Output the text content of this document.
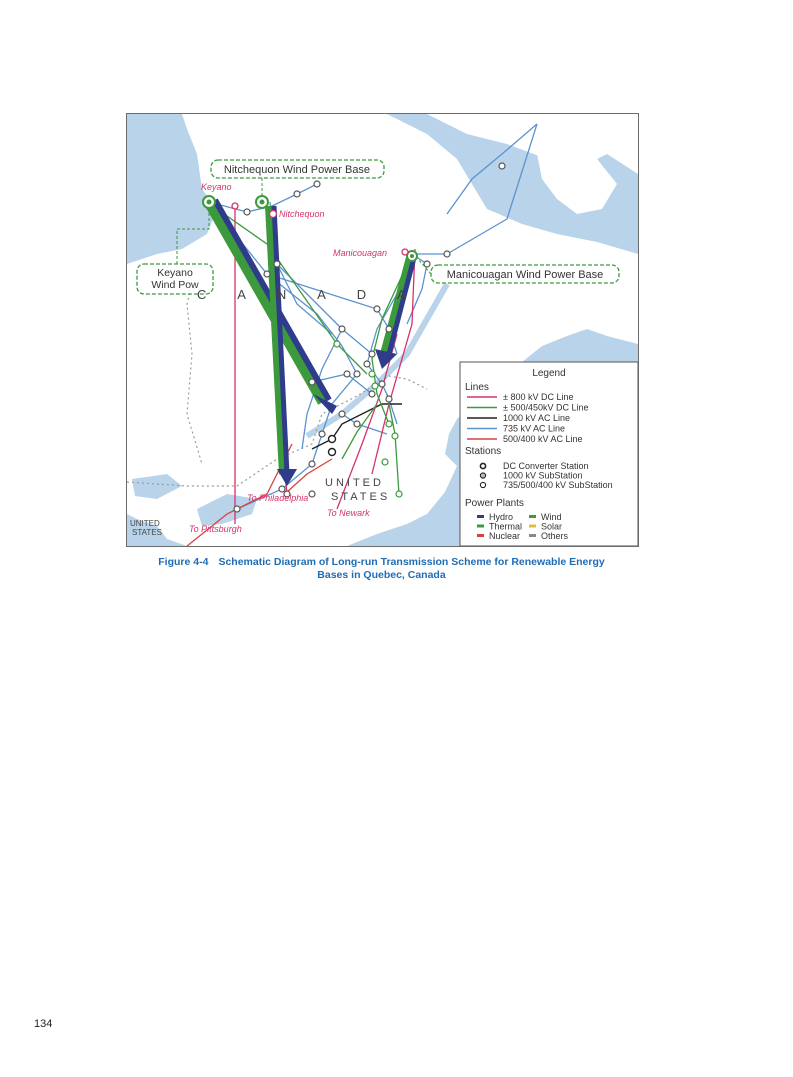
Nitchequon Wind Power Base
Keyano
Wind Pow
Manicouagan Wind Power Base
Keyano
Nitchequon
Manicouagan
To Philadelphia
To Newark
To Pittsburgh
C A N A D A
UNITED
STATES
UNITED
STATES
Legend
Lines
± 800 kV DC Line
± 500/450kV DC Line
1000 kV AC Line
735 kV AC Line
500/400 kV AC Line
Stations
DC Converter Station
1000 kV SubStation
735/500/400 kV SubStation
Power Plants
Hydro	Wind
Thermal Solar
Nuclear Others
Figure 4-4 Schematic Diagram of Long-run Transmission Scheme for Renewable Energy
Bases in Quebec, Canada
134
